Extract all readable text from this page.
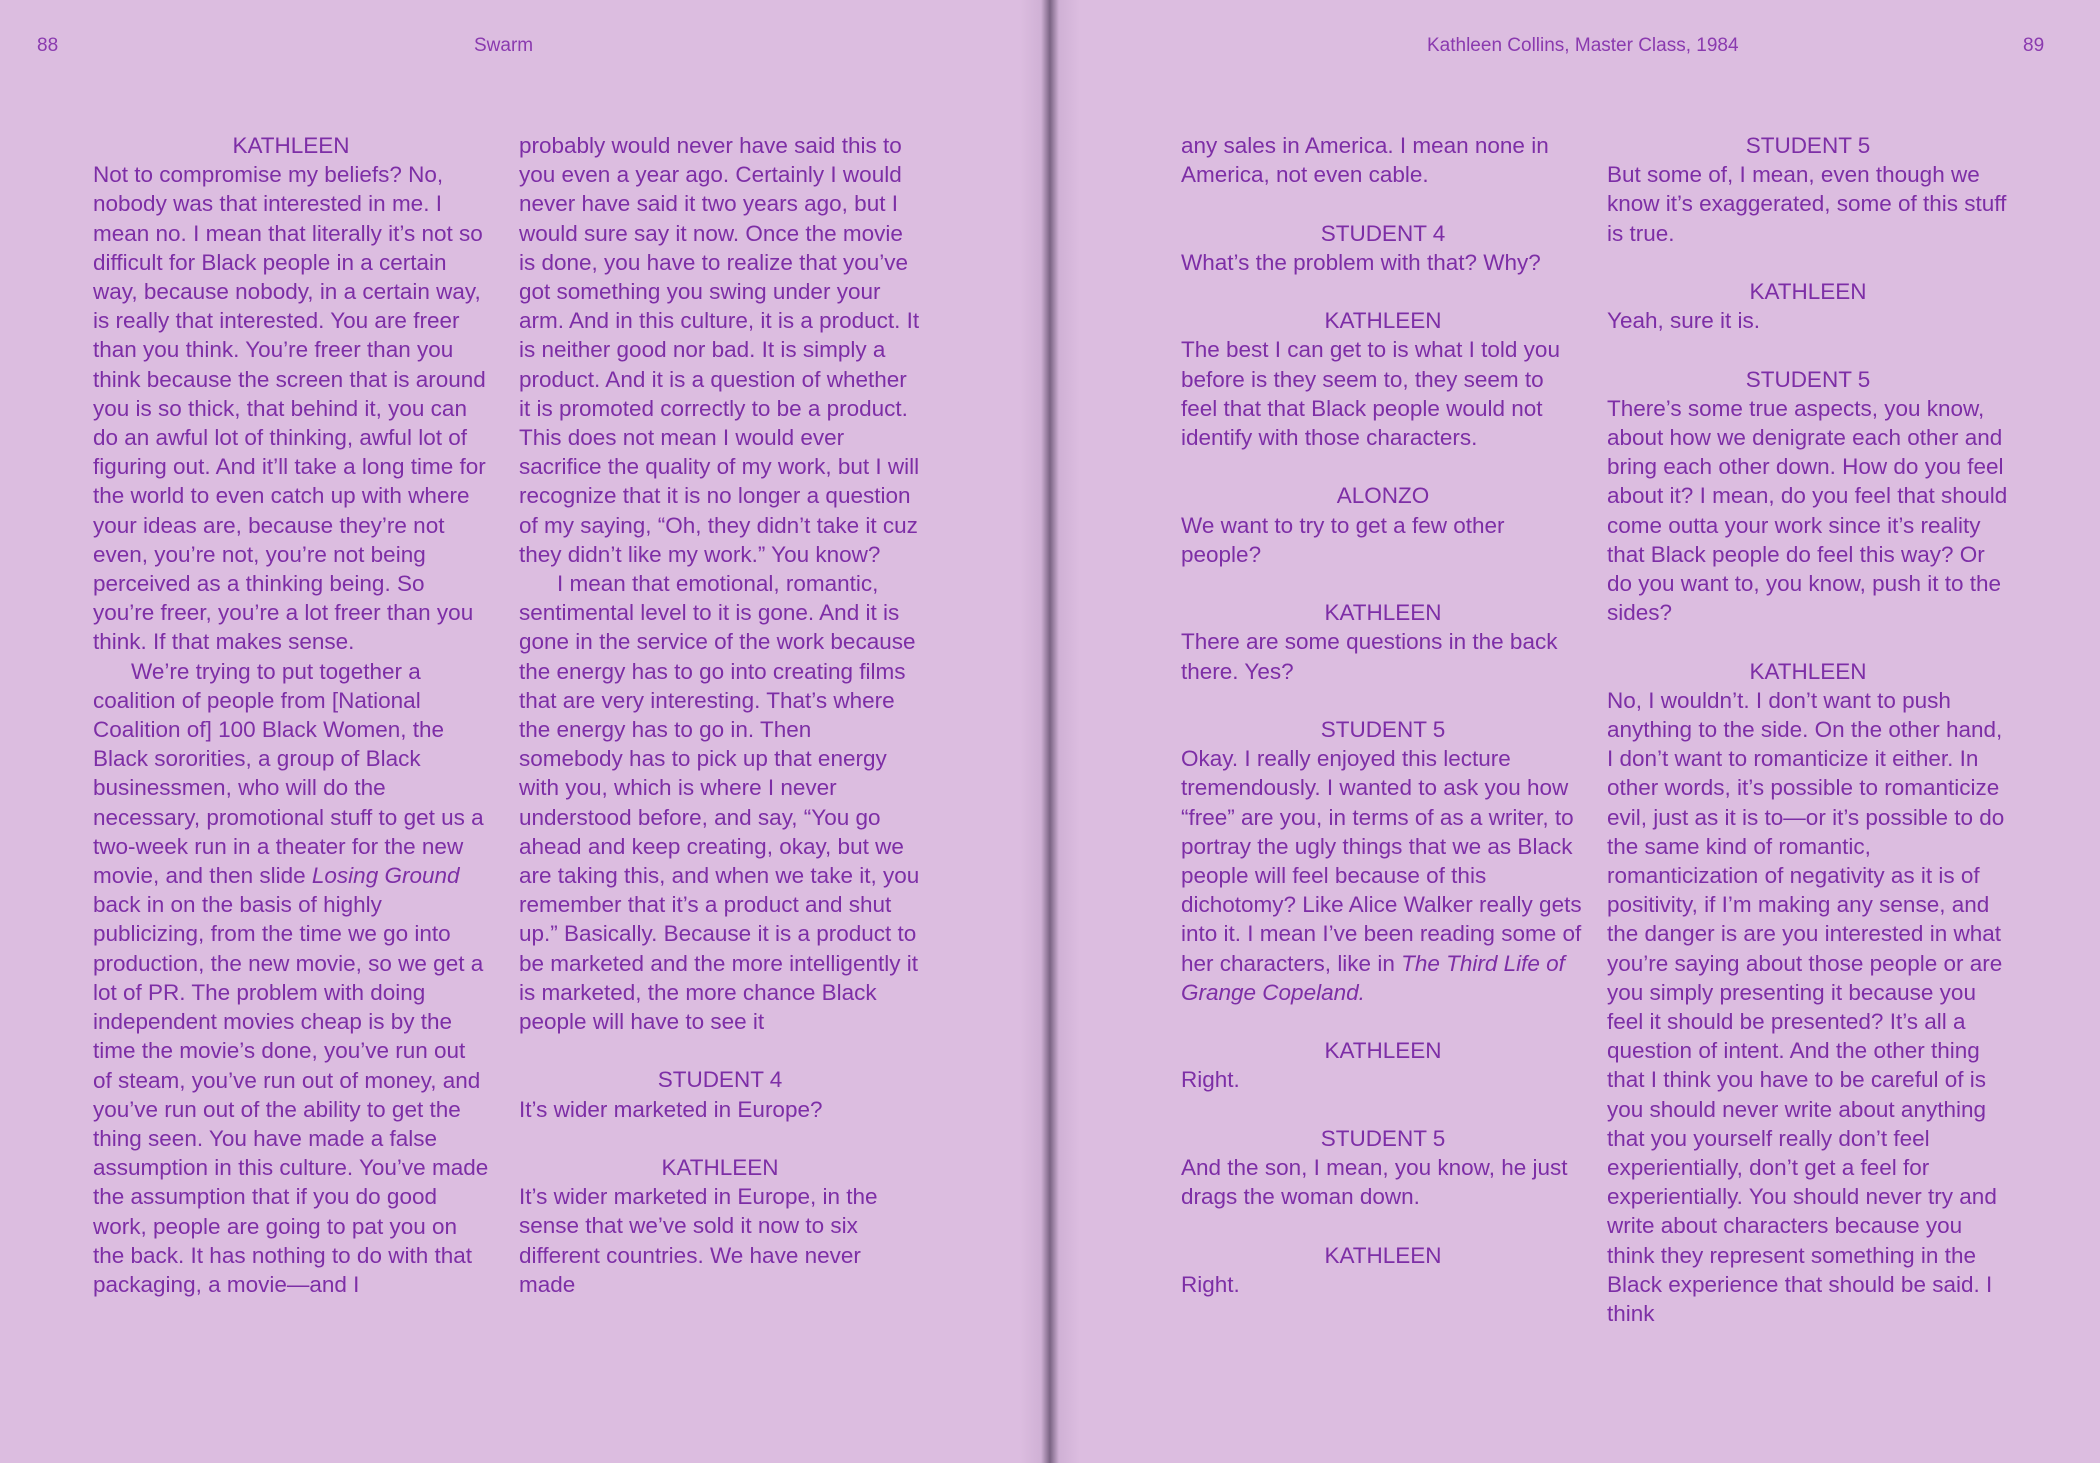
88	Swarm
KATHLEEN

Not to compromise my beliefs? No, nobody was that interested in me. I mean no. I mean that literally it’s not so difficult for Black people in a certain way, because nobody, in a certain way, is really that interested. You are freer than you think. You’re freer than you think because the screen that is around you is so thick, that behind it, you can do an awful lot of thinking, awful lot of figuring out. And it’ll take a long time for the world to even catch up with where your ideas are, because they’re not even, you’re not, you’re not being perceived as a thinking being. So you’re freer, you’re a lot freer than you think. If that makes sense.

We’re trying to put together a coalition of people from [National Coalition of] 100 Black Women, the Black sororities, a group of Black businessmen, who will do the necessary, promotional stuff to get us a two-week run in a theater for the new movie, and then slide Losing Ground back in on the basis of highly publicizing, from the time we go into production, the new movie, so we get a lot of PR. The problem with doing independent movies cheap is by the time the movie’s done, you’ve run out of steam, you’ve run out of money, and you’ve run out of the ability to get the thing seen. You have made a false assumption in this culture. You’ve made the assumption that if you do good work, people are going to pat you on the back. It has nothing to do with that packaging, a movie—and I

probably would never have said this to you even a year ago. Certainly I would never have said it two years ago, but I would sure say it now. Once the movie is done, you have to realize that you’ve got something you swing under your arm. And in this culture, it is a product. It is neither good nor bad. It is simply a product. And it is a question of whether it is promoted correctly to be a product. This does not mean I would ever sacrifice the quality of my work, but I will recognize that it is no longer a question of my saying, “Oh, they didn’t take it cuz they didn’t like my work.” You know?

I mean that emotional, romantic, sentimental level to it is gone. And it is gone in the service of the work because the energy has to go into creating films that are very interesting. That’s where the energy has to go in. Then somebody has to pick up that energy with you, which is where I never understood before, and say, “You go ahead and keep creating, okay, but we are taking this, and when we take it, you remember that it’s a product and shut up.” Basically. Because it is a product to be marketed and the more intelligently it is marketed, the more chance Black people will have to see it

STUDENT 4

It’s wider marketed in Europe?

KATHLEEN

It’s wider marketed in Europe, in the sense that we’ve sold it now to six different countries. We have never made

Kathleen Collins, Master Class, 1984	89

any sales in America. I mean none in America, not even cable.

STUDENT 4

What’s the problem with that? Why?

KATHLEEN

The best I can get to is what I told you before is they seem to, they seem to feel that that Black people would not identify with those characters.

ALONZO

We want to try to get a few other people?

KATHLEEN

There are some questions in the back there. Yes?

STUDENT 5

Okay. I really enjoyed this lecture tremendously. I wanted to ask you how “free” are you, in terms of as a writer, to portray the ugly things that we as Black people will feel because of this dichotomy? Like Alice Walker really gets into it. I mean I’ve been reading some of her characters, like in The Third Life of Grange Copeland.

KATHLEEN

Right.

STUDENT 5

And the son, I mean, you know, he just drags the woman down.

KATHLEEN

Right.

STUDENT 5

But some of, I mean, even though we know it’s exaggerated, some of this stuff is true.

KATHLEEN

Yeah, sure it is.

STUDENT 5

There’s some true aspects, you know, about how we denigrate each other and bring each other down. How do you feel about it? I mean, do you feel that should come outta your work since it’s reality that Black people do feel this way? Or do you want to, you know, push it to the sides?

KATHLEEN

No, I wouldn’t. I don’t want to push anything to the side. On the other hand, I don’t want to romanticize it either. In other words, it’s possible to romanticize evil, just as it is to—or it’s possible to do the same kind of romantic, romanticization of negativity as it is of positivity, if I’m making any sense, and the danger is are you interested in what you’re saying about those people or are you simply presenting it because you feel it should be presented? It’s all a question of intent. And the other thing that I think you have to be careful of is you should never write about anything that you yourself really don’t feel experientially, don’t get a feel for experientially. You should never try and write about characters because you think they represent something in the Black experience that should be said. I think
